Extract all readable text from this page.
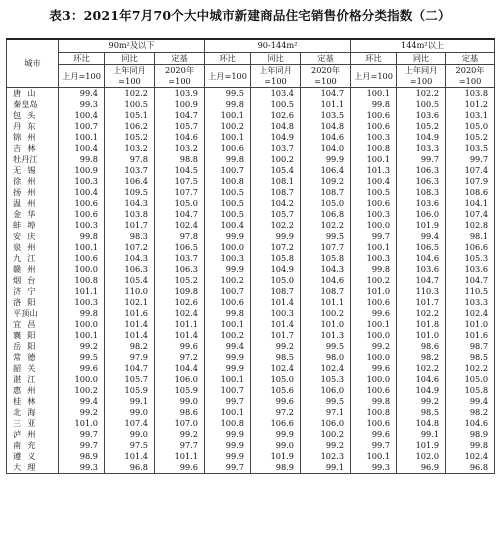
表3：2021年7月70个大中城市新建商品住宅销售价格分类指数（二）
城市	90m²及以下			90-144m²			144m²以上		
	环比	同比	定基	环比	同比	定基	环比	同比	定基
	上月=100	上年同月=100	2020年=100	上月=100	上年同月=100	2020年=100	上月=100	上年同月=100	2020年=100
唐山	99.4	102.2	103.9	99.5	103.4	104.7	100.1	102.2	103.8
秦皇岛	99.3	100.5	100.9	99.8	100.5	101.1	99.8	100.5	101.2
包头	100.4	105.1	104.7	100.1	102.6	103.5	100.6	103.6	103.1
丹东	100.7	106.2	105.7	100.2	104.8	104.8	100.6	105.2	105.0
锦州	100.1	105.2	104.6	100.1	104.9	104.6	100.3	104.9	105.2
吉林	100.4	103.2	103.2	100.6	103.7	104.0	100.8	103.3	103.5
牡丹江	99.8	97.8	98.8	99.8	100.2	99.9	100.1	99.7	99.7
无锡	100.9	103.7	104.5	100.7	105.4	106.4	101.3	106.3	107.4
徐州	100.3	106.4	107.5	100.8	108.1	109.2	100.4	106.3	107.9
扬州	100.4	109.5	107.7	100.5	108.7	108.7	100.5	108.3	108.6
温州	100.6	104.3	105.0	100.5	104.2	105.0	100.6	103.6	104.1
金华	100.6	103.8	104.7	100.5	105.7	106.8	100.3	106.0	107.4
蚌埠	100.3	101.7	102.4	100.4	102.2	102.2	100.0	101.9	102.8
安庆	99.8	98.3	97.8	99.9	99.9	99.5	99.7	99.4	98.1
泉州	100.1	107.2	106.5	100.0	107.2	107.7	100.1	106.5	106.6
九江	100.6	104.3	103.7	100.3	105.8	105.8	100.3	104.6	105.3
赣州	100.0	106.3	106.3	99.9	104.9	104.3	99.8	103.6	103.6
烟台	100.8	105.4	105.2	100.2	105.0	104.6	100.2	104.7	104.7
济宁	101.1	110.0	109.8	100.7	108.7	108.7	101.0	110.3	110.5
洛阳	100.3	102.1	102.6	100.6	101.4	101.1	100.6	101.7	103.3
平顶山	99.8	101.6	102.4	99.8	100.3	100.2	99.6	102.2	102.4
宜昌	100.0	101.4	101.1	100.1	101.4	101.0	100.1	101.8	101.0
襄阳	100.1	101.4	101.4	100.2	101.7	101.3	100.0	101.0	101.6
岳阳	99.2	98.2	99.6	99.4	99.2	99.5	99.2	98.6	98.7
常德	99.5	97.9	97.2	99.9	98.5	98.0	100.0	98.2	98.5
韶关	99.6	104.7	104.4	99.9	102.4	102.4	99.6	102.2	102.2
湛江	100.0	105.7	106.0	100.1	105.0	105.3	100.0	104.6	105.0
惠州	100.2	105.9	105.9	100.7	105.6	106.0	100.6	104.9	105.8
桂林	99.4	99.1	99.0	99.7	99.6	99.5	99.8	99.2	99.4
北海	99.2	99.0	98.6	100.1	97.2	97.1	100.8	98.5	98.2
三亚	101.0	107.4	107.0	100.8	106.6	106.0	100.6	104.8	104.6
泸州	99.7	99.0	99.2	99.9	99.9	100.2	99.6	99.1	98.9
南充	99.7	97.5	97.7	99.9	99.0	99.2	99.7	101.9	99.8
遵义	98.9	101.4	101.1	99.9	101.9	102.3	100.1	102.0	102.4
大理	99.3	96.8	99.6	99.7	98.9	99.1	99.3	96.9	96.8
